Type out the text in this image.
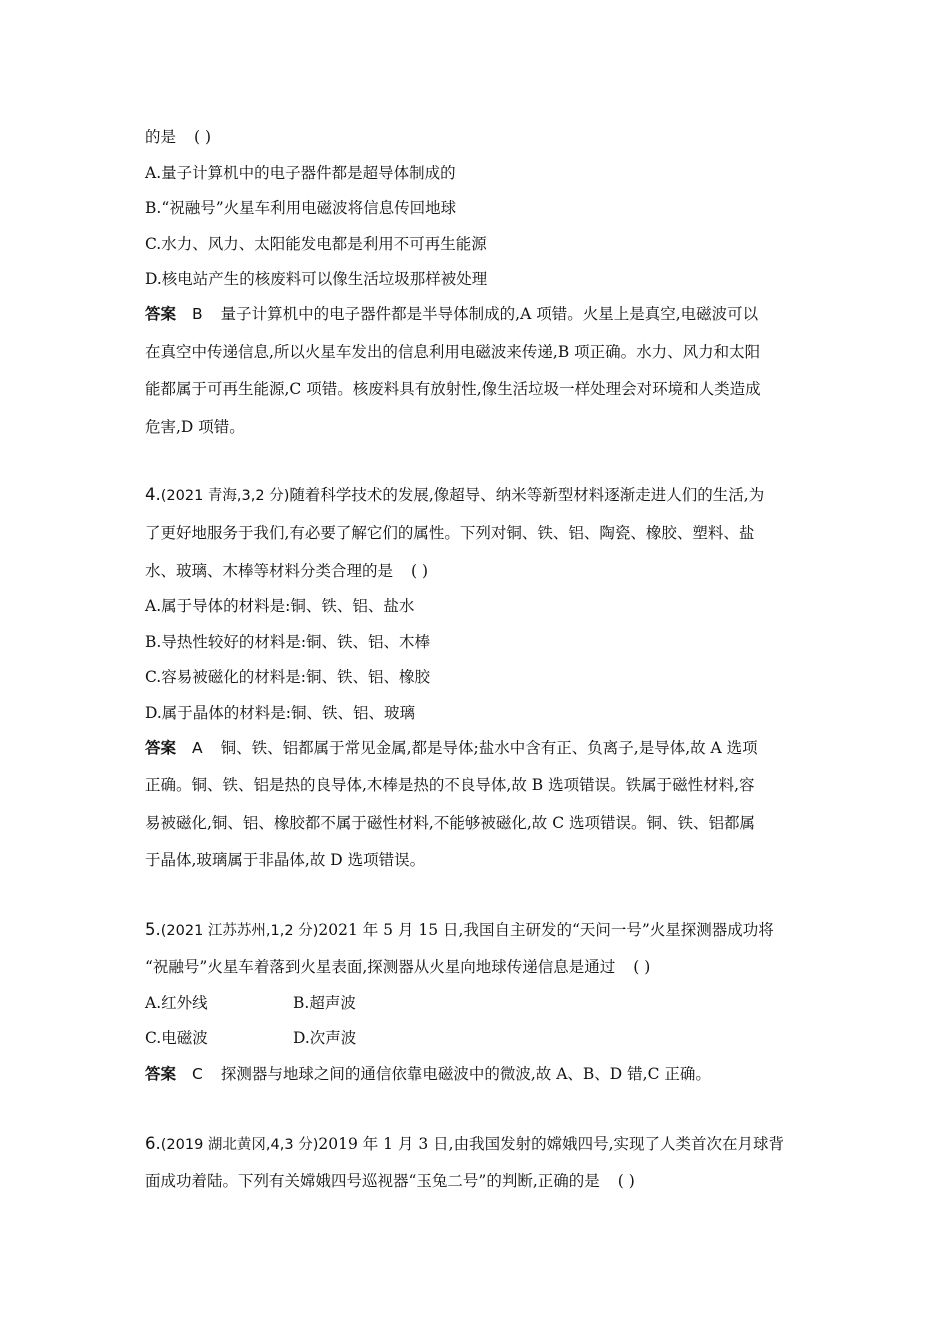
的是 ( )
A.量子计算机中的电子器件都是超导体制成的
B.“祝融号”火星车利用电磁波将信息传回地球
C.水力、风力、太阳能发电都是利用不可再生能源
D.核电站产生的核废料可以像生活垃圾那样被处理
答案 B 量子计算机中的电子器件都是半导体制成的,A 项错。火星上是真空,电磁波可以
在真空中传递信息,所以火星车发出的信息利用电磁波来传递,B 项正确。水力、风力和太阳
能都属于可再生能源,C 项错。核废料具有放射性,像生活垃圾一样处理会对环境和人类造成
危害,D 项错。
4.(2021 青海,3,2 分)随着科学技术的发展,像超导、纳米等新型材料逐渐走进人们的生活,为
了更好地服务于我们,有必要了解它们的属性。下列对铜、铁、铝、陶瓷、橡胶、塑料、盐
水、玻璃、木棒等材料分类合理的是 ( )
A.属于导体的材料是:铜、铁、铝、盐水
B.导热性较好的材料是:铜、铁、铝、木棒
C.容易被磁化的材料是:铜、铁、铝、橡胶
D.属于晶体的材料是:铜、铁、铝、玻璃
答案 A 铜、铁、铝都属于常见金属,都是导体;盐水中含有正、负离子,是导体,故 A 选项
正确。铜、铁、铝是热的良导体,木棒是热的不良导体,故 B 选项错误。铁属于磁性材料,容
易被磁化,铜、铝、橡胶都不属于磁性材料,不能够被磁化,故 C 选项错误。铜、铁、铝都属
于晶体,玻璃属于非晶体,故 D 选项错误。
5.(2021 江苏苏州,1,2 分)2021 年 5 月 15 日,我国自主研发的“天问一号”火星探测器成功将
“祝融号”火星车着落到火星表面,探测器从火星向地球传递信息是通过 ( )
A.红外线	B.超声波
C.电磁波	D.次声波
答案 C 探测器与地球之间的通信依靠电磁波中的微波,故 A、B、D 错,C 正确。
6.(2019 湖北黄冈,4,3 分)2019 年 1 月 3 日,由我国发射的嫦娥四号,实现了人类首次在月球背
面成功着陆。下列有关嫦娥四号巡视器“玉兔二号”的判断,正确的是 ( )
